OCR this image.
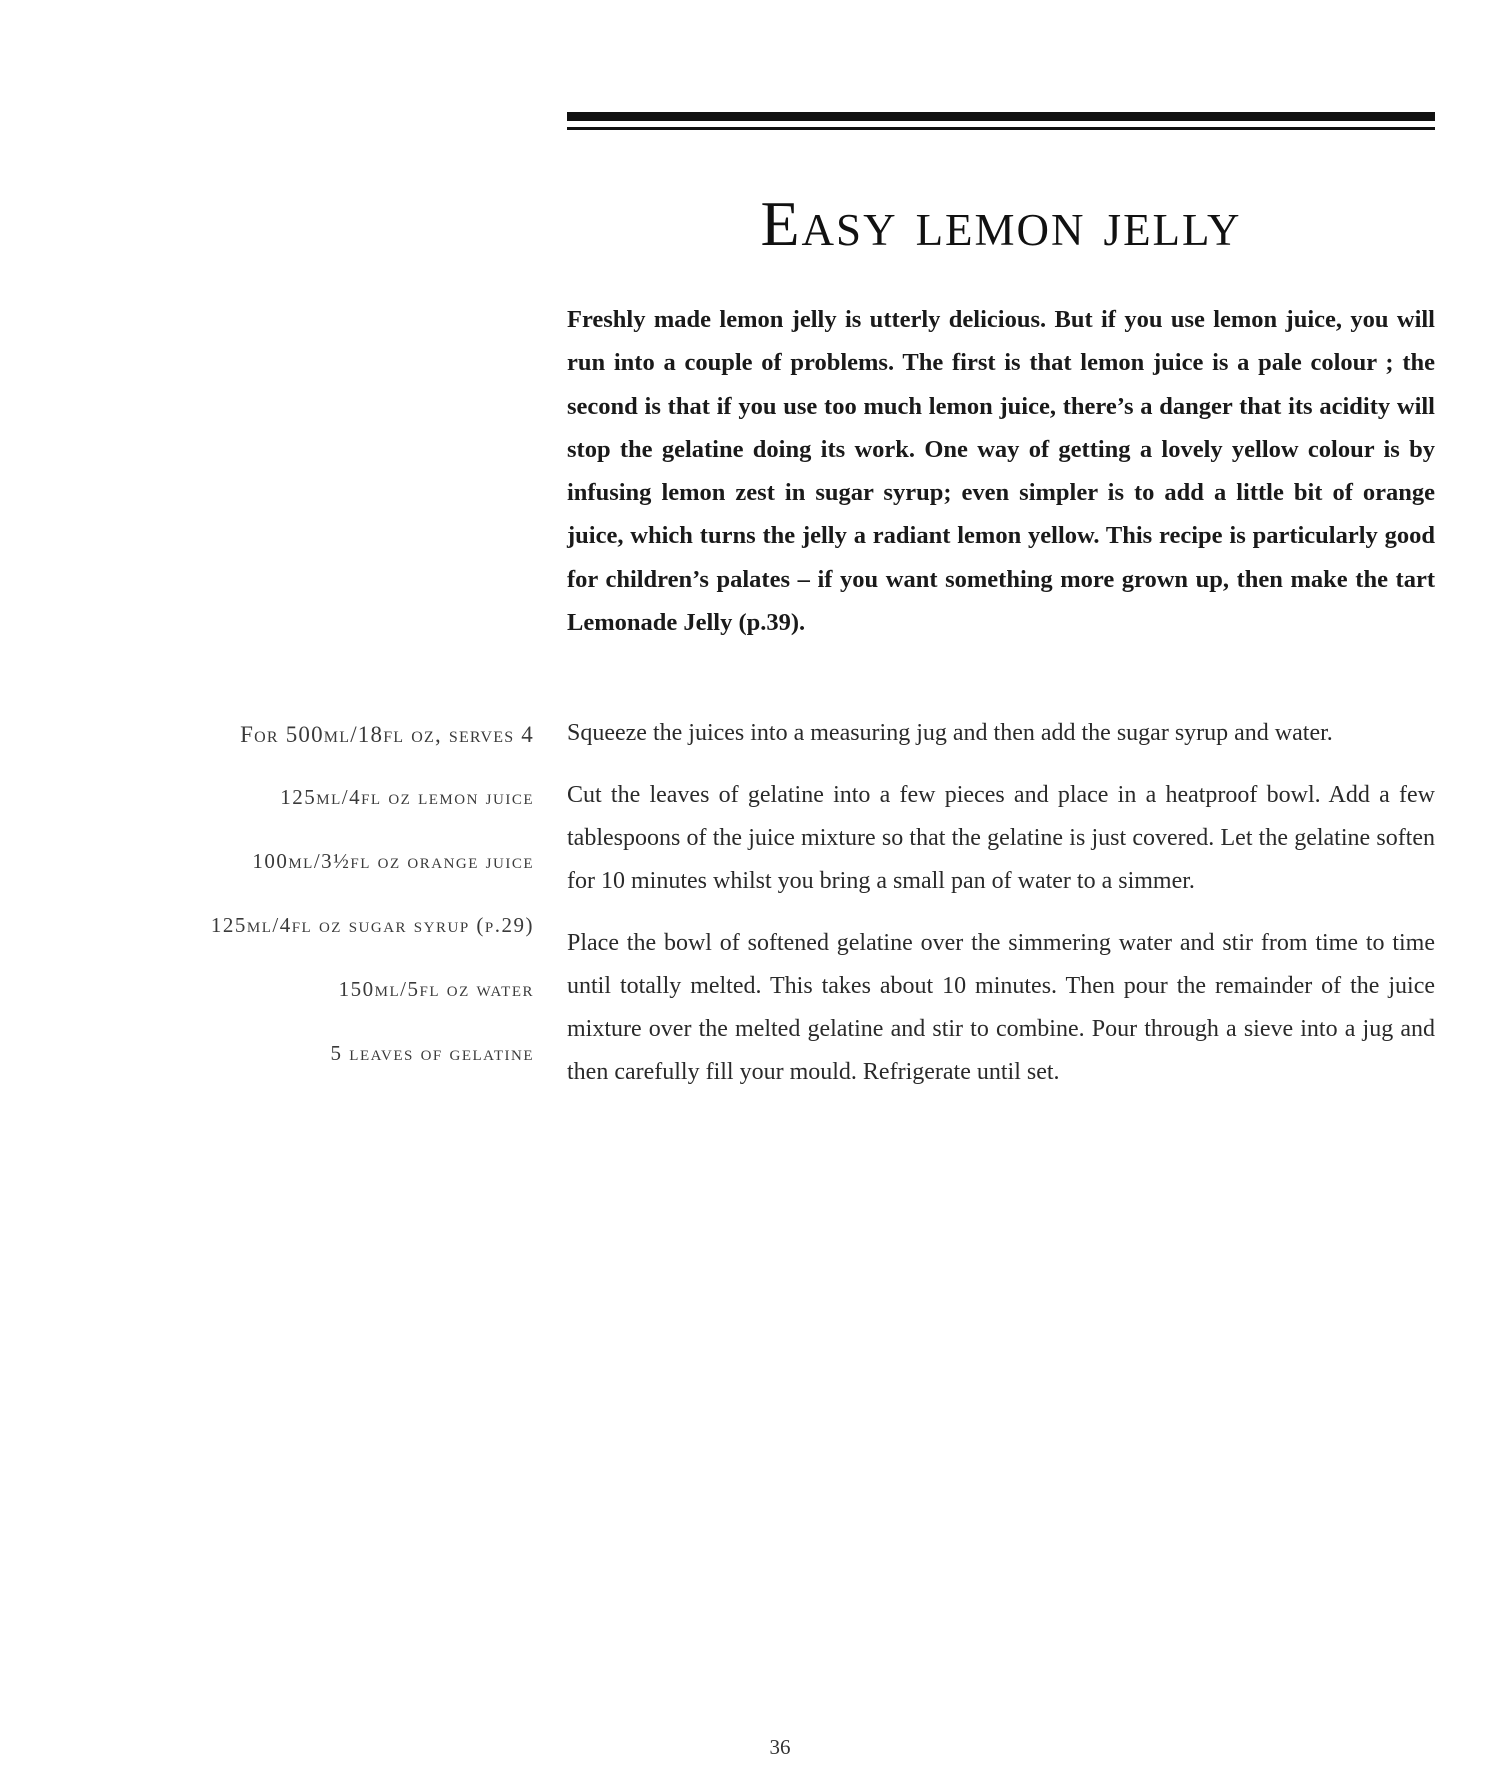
Easy lemon jelly

Freshly made lemon jelly is utterly delicious. But if you use lemon juice, you will run into a couple of problems. The first is that lemon juice is a pale colour ; the second is that if you use too much lemon juice, there’s a danger that its acidity will stop the gelatine doing its work. One way of getting a lovely yellow colour is by infusing lemon zest in sugar syrup; even simpler is to add a little bit of orange juice, which turns the jelly a radiant lemon yellow. This recipe is particularly good for children’s palates – if you want something more grown up, then make the tart Lemonade Jelly (p.39).

For 500ml/18fl oz, serves 4
125ml/4fl oz lemon juice
100ml/3½fl oz orange juice
125ml/4fl oz sugar syrup (p.29)
150ml/5fl oz water
5 leaves of gelatine

Squeeze the juices into a measuring jug and then add the sugar syrup and water.

Cut the leaves of gelatine into a few pieces and place in a heatproof bowl. Add a few tablespoons of the juice mixture so that the gelatine is just covered. Let the gelatine soften for 10 minutes whilst you bring a small pan of water to a simmer.

Place the bowl of softened gelatine over the simmering water and stir from time to time until totally melted. This takes about 10 minutes. Then pour the remainder of the juice mixture over the melted gelatine and stir to combine. Pour through a sieve into a jug and then carefully fill your mould. Refrigerate until set.

36
